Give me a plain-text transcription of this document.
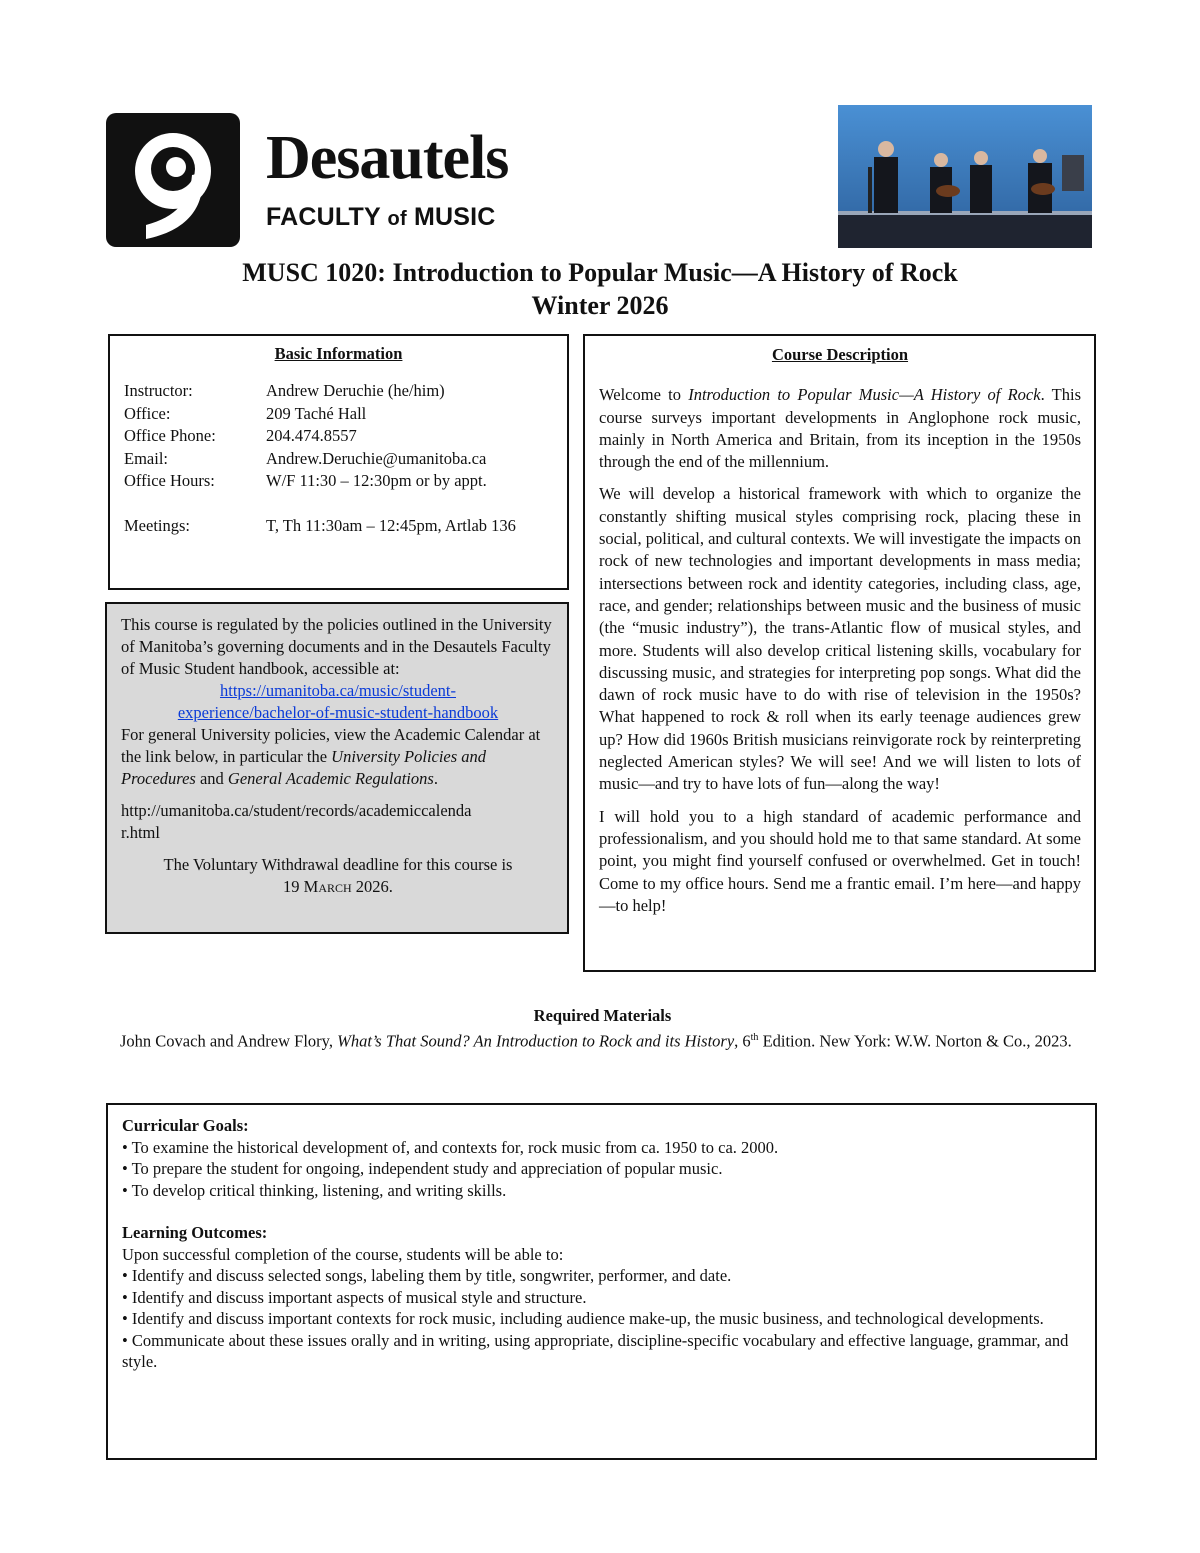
Desautels
FACULTY of MUSIC
MUSC 1020: Introduction to Popular Music—A History of Rock
Winter 2026
Basic Information
Instructor:	Andrew Deruchie (he/him)
Office:	209 Taché Hall
Office Phone:	204.474.8557
Email:	Andrew.Deruchie@umanitoba.ca
Office Hours:	W/F 11:30 – 12:30pm or by appt.

Meetings:	T, Th 11:30am – 12:45pm, Artlab 136

This course is regulated by the policies outlined in the University of Manitoba’s governing documents and in the Desautels Faculty of Music Student handbook, accessible at:

https://umanitoba.ca/music/student-
experience/bachelor-of-music-student-handbook

For general University policies, view the Academic Calendar at the link below, in particular the University Policies and Procedures and General Academic Regulations.

http://umanitoba.ca/student/records/academiccalenda
r.html

The Voluntary Withdrawal deadline for this course is
19 March 2026.

Course Description

Welcome to Introduction to Popular Music—A History of Rock. This course surveys important developments in Anglophone rock music, mainly in North America and Britain, from its inception in the 1950s through the end of the millennium.

We will develop a historical framework with which to organize the constantly shifting musical styles comprising rock, placing these in social, political, and cultural contexts. We will investigate the impacts on rock of new technologies and important developments in mass media; intersections between rock and identity categories, including class, age, race, and gender; relationships between music and the business of music (the “music industry”), the trans-Atlantic flow of musical styles, and more. Students will also develop critical listening skills, vocabulary for discussing music, and strategies for interpreting pop songs. What did the dawn of rock music have to do with rise of television in the 1950s? What happened to rock & roll when its early teenage audiences grew up? How did 1960s British musicians reinvigorate rock by reinterpreting neglected American styles? We will see! And we will listen to lots of music—and try to have lots of fun—along the way!

I will hold you to a high standard of academic performance and professionalism, and you should hold me to that same standard. At some point, you might find yourself confused or overwhelmed. Get in touch! Come to my office hours. Send me a frantic email. I’m here—and happy—to help!

Required Materials
John Covach and Andrew Flory, What’s That Sound? An Introduction to Rock and its History, 6th Edition. New York: W.W. Norton & Co., 2023.
Curricular Goals:
• To examine the historical development of, and contexts for, rock music from ca. 1950 to ca. 2000.
• To prepare the student for ongoing, independent study and appreciation of popular music.
• To develop critical thinking, listening, and writing skills.
Learning Outcomes:
Upon successful completion of the course, students will be able to:
• Identify and discuss selected songs, labeling them by title, songwriter, performer, and date.
• Identify and discuss important aspects of musical style and structure.
• Identify and discuss important contexts for rock music, including audience make-up, the music business, and technological developments.
• Communicate about these issues orally and in writing, using appropriate, discipline-specific vocabulary and effective language, grammar, and style.
